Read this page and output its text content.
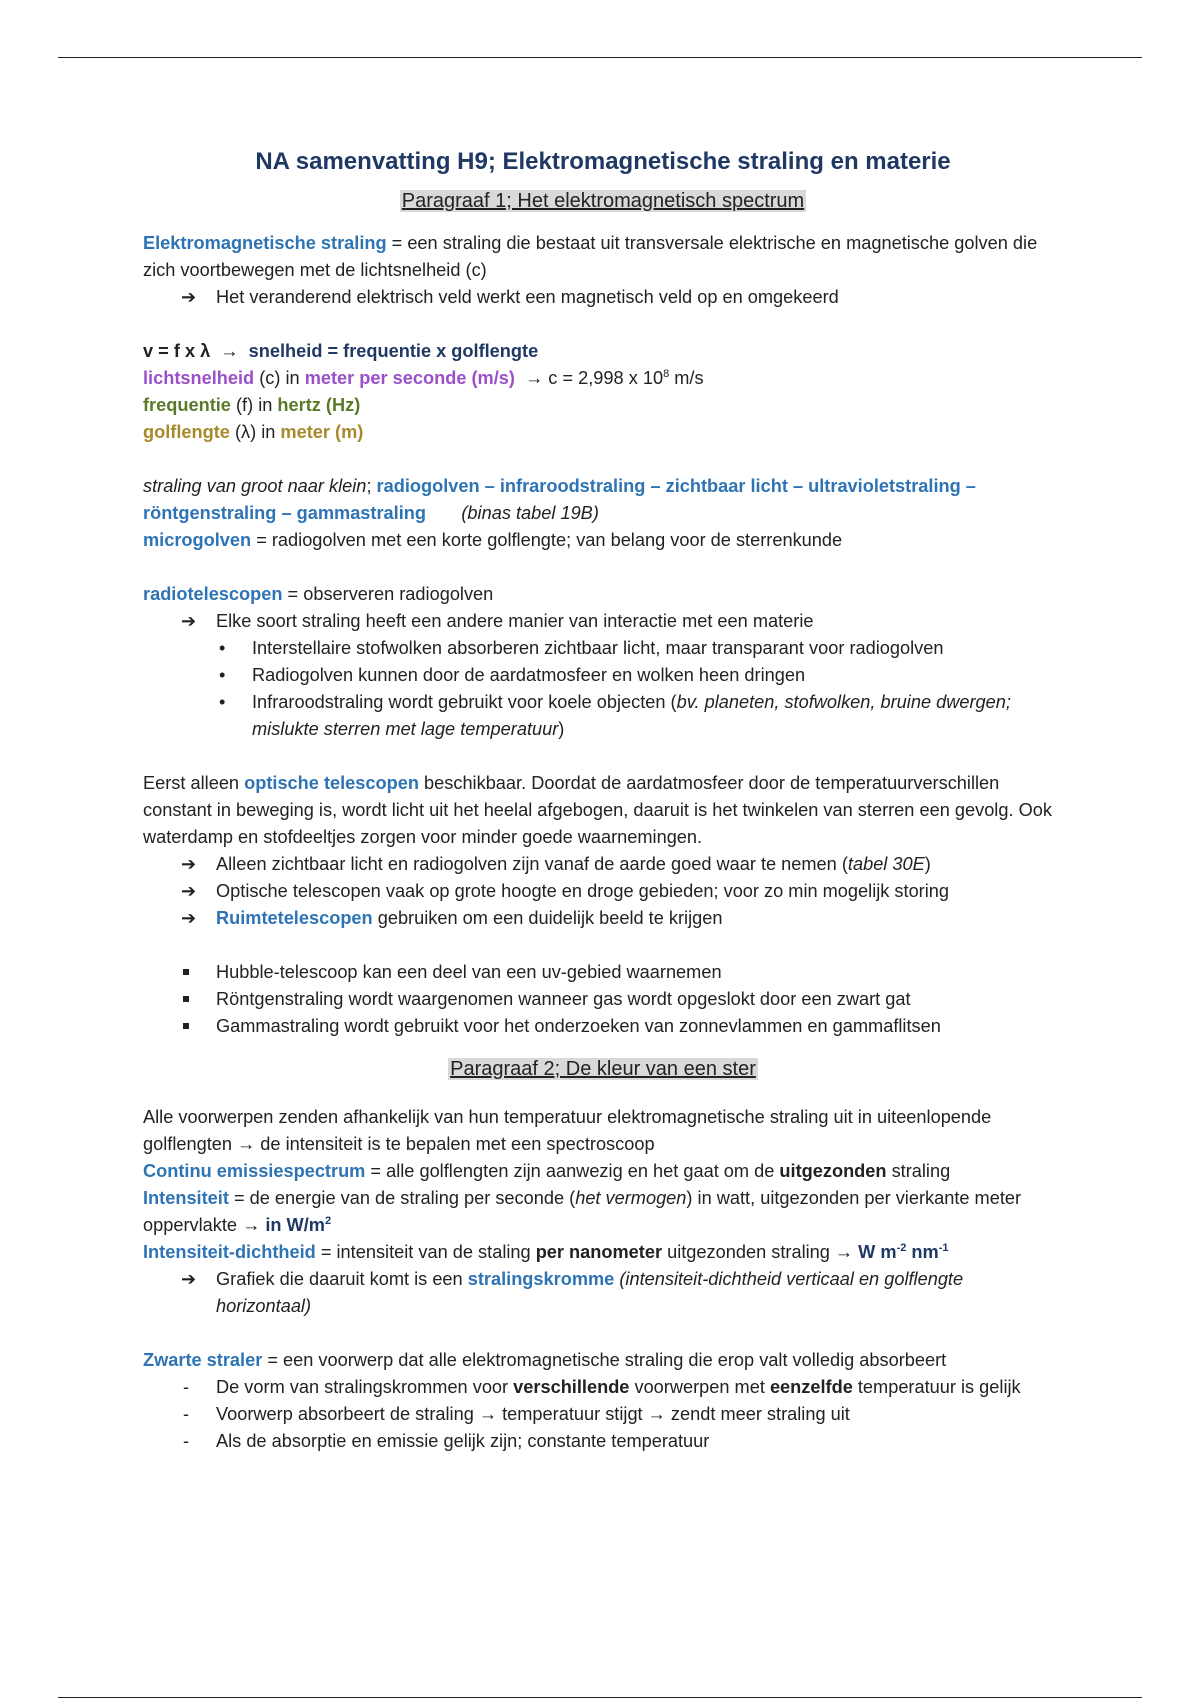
NA samenvatting H9; Elektromagnetische straling en materie
Paragraaf 1; Het elektromagnetisch spectrum

Elektromagnetische straling = een straling die bestaat uit transversale elektrische en magnetische golven die zich voortbewegen met de lichtsnelheid (c)

➔ Het veranderend elektrisch veld werkt een magnetisch veld op en omgekeerd

v = f x λ → snelheid = frequentie x golflengte

lichtsnelheid (c) in meter per seconde (m/s) → c = 2,998 x $10^8$ m/s

frequentie (f) in hertz (Hz)

golflengte (λ) in meter (m)

straling van groot naar klein; radiogolven – infraroodstraling – zichtbaar licht – ultravioletstraling – röntgenstraling – gammastraling (binas tabel 19B)

microgolven = radiogolven met een korte golflengte; van belang voor de sterrenkunde

radiotelescopen = observeren radiogolven

➔ Elke soort straling heeft een andere manier van interactie met een materie
• Interstellaire stofwolken absorberen zichtbaar licht, maar transparant voor radiogolven
• Radiogolven kunnen door de aardatmosfeer en wolken heen dringen
• Infraroodstraling wordt gebruikt voor koele objecten (bv. planeten, stofwolken, bruine dwergen; mislukte sterren met lage temperatuur)

Eerst alleen optische telescopen beschikbaar. Doordat de aardatmosfeer door de temperatuurverschillen constant in beweging is, wordt licht uit het heelal afgebogen, daaruit is het twinkelen van sterren een gevolg. Ook waterdamp en stofdeeltjes zorgen voor minder goede waarnemingen.

➔ Alleen zichtbaar licht en radiogolven zijn vanaf de aarde goed waar te nemen (tabel 30E)
➔ Optische telescopen vaak op grote hoogte en droge gebieden; voor zo min mogelijk storing
➔ Ruimtetelescopen gebruiken om een duidelijk beeld te krijgen
Hubble-telescoop kan een deel van een uv-gebied waarnemen
Röntgenstraling wordt waargenomen wanneer gas wordt opgeslokt door een zwart gat
Gammastraling wordt gebruikt voor het onderzoeken van zonnevlammen en gammaflitsen
Paragraaf 2; De kleur van een ster

Alle voorwerpen zenden afhankelijk van hun temperatuur elektromagnetische straling uit in uiteenlopende golflengten → de intensiteit is te bepalen met een spectroscoop

Continu emissiespectrum = alle golflengten zijn aanwezig en het gaat om de uitgezonden straling

Intensiteit = de energie van de straling per seconde (het vermogen) in watt, uitgezonden per vierkante meter oppervlakte → in $W/m^2$

Intensiteit-dichtheid = intensiteit van de staling per nanometer uitgezonden straling → W $m^{-2}$ $nm^{-1}$

➔ Grafiek die daaruit komt is een stralingskromme (intensiteit-dichtheid verticaal en golflengte horizontaal)

Zwarte straler = een voorwerp dat alle elektromagnetische straling die erop valt volledig absorbeert

- De vorm van stralingskrommen voor verschillende voorwerpen met eenzelfde temperatuur is gelijk
- Voorwerp absorbeert de straling → temperatuur stijgt → zendt meer straling uit
- Als de absorptie en emissie gelijk zijn; constante temperatuur
